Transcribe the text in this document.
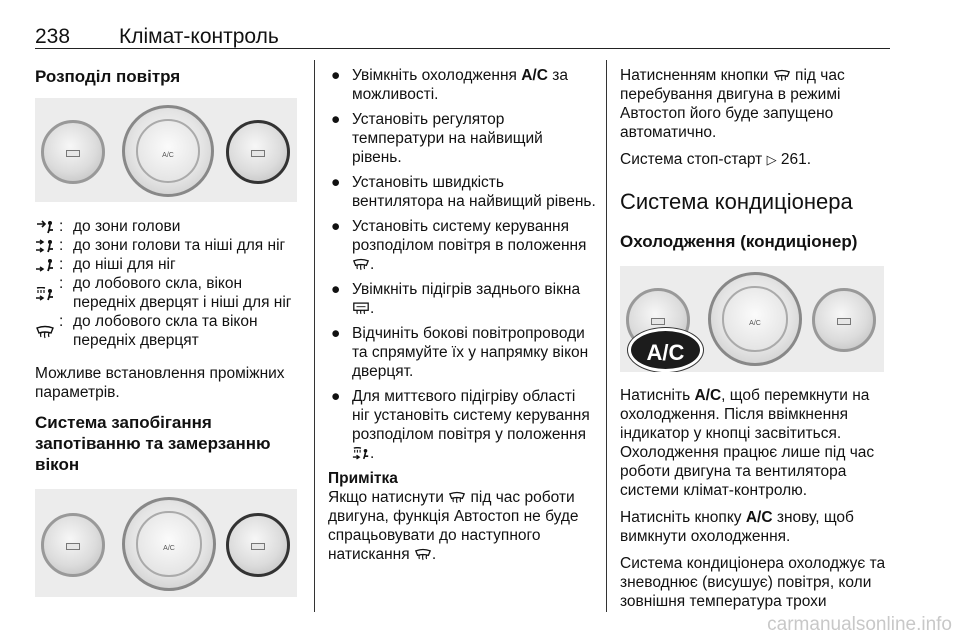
238 Клімат-контроль
Розподіл повітря
A/C
: до зони голови
: до зони голови та ніші для ніг
: до ніші для ніг
: до лобового скла, вікон передніх дверцят і ніші для ніг
: до лобового скла та вікон передніх дверцят

Можливе встановлення проміжних параметрів.

Система запобігання запотіванню та замерзанню вікон
A/C
● Увімкніть охолодження A/C за можливості.
● Установіть регулятор температури на найвищий рівень.
● Установіть швидкість вентилятора на найвищий рівень.
● Установіть систему керування розподілом повітря в положення .
● Увімкніть підігрів заднього вікна .
● Відчиніть бокові повітропроводи та спрямуйте їх у напрямку вікон дверцят.
● Для миттєвого підігріву області ніг установіть систему керування розподілом повітря у положення .
Примітка

Якщо натиснути  під час роботи двигуна, функція Автостоп не буде спрацьовувати до наступного натискання .

Натисненням кнопки  під час перебування двигуна в режимі Автостоп його буде запущено автоматично.

Система стоп-старт ▷ 261.

Система кондиціонера
Охолодження (кондиціонер)
A/C
A/C

Натисніть A/C, щоб перемкнути на охолодження. Після ввімкнення індикатор у кнопці засвітиться. Охолодження працює лише під час роботи двигуна та вентилятора системи клімат-контролю.

Натисніть кнопку A/C знову, щоб вимкнути охолодження.

Система кондиціонера охолоджує та зневоднює (висушує) повітря, коли зовнішня температура трохи

carmanualsonline.info
